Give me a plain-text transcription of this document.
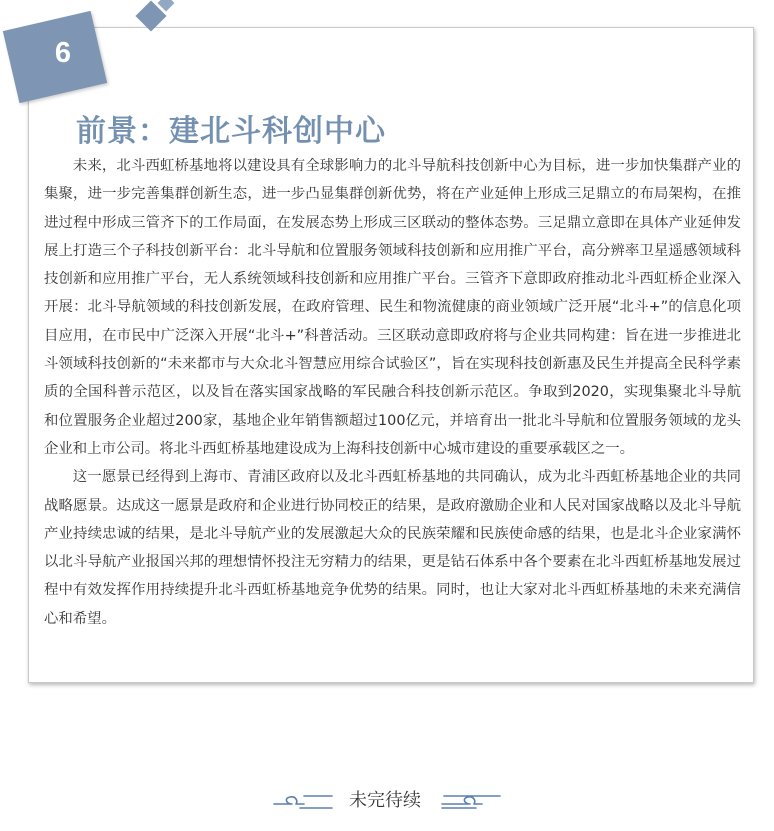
6
前景：建北斗科创中心

未来，北斗西虹桥基地将以建设具有全球影响力的北斗导航科技创新中心为目标，进一步加快集群产业的集聚，进一步完善集群创新生态，进一步凸显集群创新优势，将在产业延伸上形成三足鼎立的布局架构，在推进过程中形成三管齐下的工作局面，在发展态势上形成三区联动的整体态势。三足鼎立意即在具体产业延伸发展上打造三个子科技创新平台：北斗导航和位置服务领域科技创新和应用推广平台，高分辨率卫星遥感领域科技创新和应用推广平台，无人系统领域科技创新和应用推广平台。三管齐下意即政府推动北斗西虹桥企业深入开展：北斗导航领域的科技创新发展，在政府管理、民生和物流健康的商业领域广泛开展“北斗+”的信息化项目应用，在市民中广泛深入开展“北斗+”科普活动。三区联动意即政府将与企业共同构建：旨在进一步推进北斗领域科技创新的“未来都市与大众北斗智慧应用综合试验区”，旨在实现科技创新惠及民生并提高全民科学素质的全国科普示范区，以及旨在落实国家战略的军民融合科技创新示范区。争取到2020，实现集聚北斗导航和位置服务企业超过200家，基地企业年销售额超过100亿元，并培育出一批北斗导航和位置服务领域的龙头企业和上市公司。将北斗西虹桥基地建设成为上海科技创新中心城市建设的重要承载区之一。

这一愿景已经得到上海市、青浦区政府以及北斗西虹桥基地的共同确认，成为北斗西虹桥基地企业的共同战略愿景。达成这一愿景是政府和企业进行协同校正的结果，是政府激励企业和人民对国家战略以及北斗导航产业持续忠诚的结果，是北斗导航产业的发展激起大众的民族荣耀和民族使命感的结果，也是北斗企业家满怀以北斗导航产业报国兴邦的理想情怀投注无穷精力的结果，更是钻石体系中各个要素在北斗西虹桥基地发展过程中有效发挥作用持续提升北斗西虹桥基地竞争优势的结果。同时，也让大家对北斗西虹桥基地的未来充满信心和希望。

未完待续
